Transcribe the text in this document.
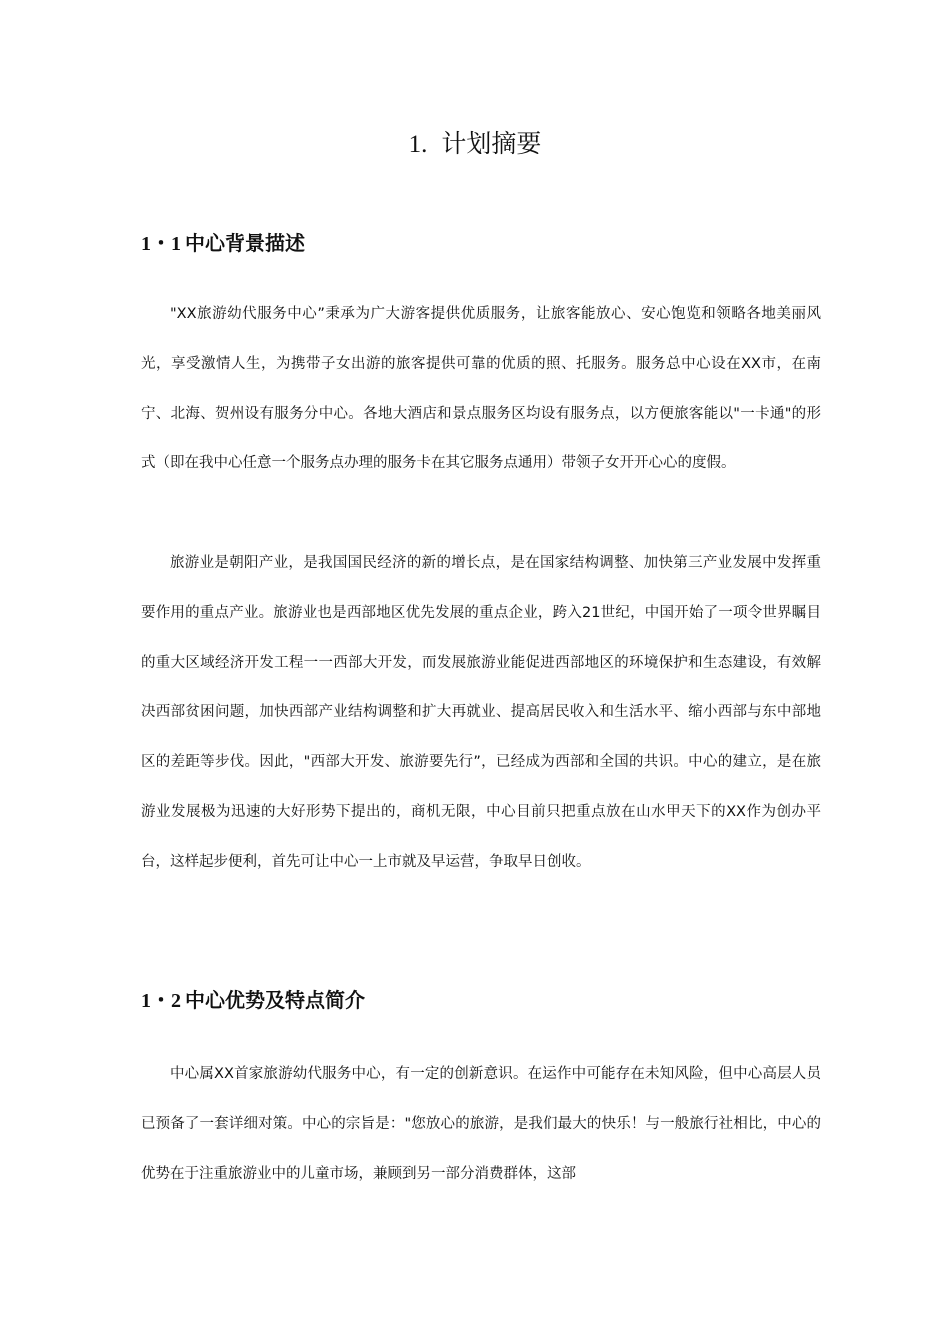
1. 计划摘要
1・1 中心背景描述

"XX旅游幼代服务中心”秉承为广大游客提供优质服务，让旅客能放心、安心饱览和领略各地美丽风光，享受激情人生，为携带子女出游的旅客提供可靠的优质的照、托服务。服务总中心设在XX市，在南宁、北海、贺州设有服务分中心。各地大酒店和景点服务区均设有服务点，以方便旅客能以"一卡通"的形式（即在我中心任意一个服务点办理的服务卡在其它服务点通用）带领子女开开心心的度假。

旅游业是朝阳产业，是我国国民经济的新的增长点，是在国家结构调整、加快第三产业发展中发挥重要作用的重点产业。旅游业也是西部地区优先发展的重点企业，跨入21世纪，中国开始了一项令世界瞩目的重大区域经济开发工程一一西部大开发，而发展旅游业能促进西部地区的环境保护和生态建设，有效解决西部贫困问题，加快西部产业结构调整和扩大再就业、提高居民收入和生活水平、缩小西部与东中部地区的差距等步伐。因此，"西部大开发、旅游要先行”，已经成为西部和全国的共识。中心的建立，是在旅游业发展极为迅速的大好形势下提出的，商机无限，中心目前只把重点放在山水甲天下的XX作为创办平台，这样起步便利，首先可让中心一上市就及早运营，争取早日创收。

1・2 中心优势及特点简介

中心属XX首家旅游幼代服务中心，有一定的创新意识。在运作中可能存在未知风险，但中心高层人员已预备了一套详细对策。中心的宗旨是："您放心的旅游，是我们最大的快乐！与一般旅行社相比，中心的优势在于注重旅游业中的儿童市场，兼顾到另一部分消费群体，这部
